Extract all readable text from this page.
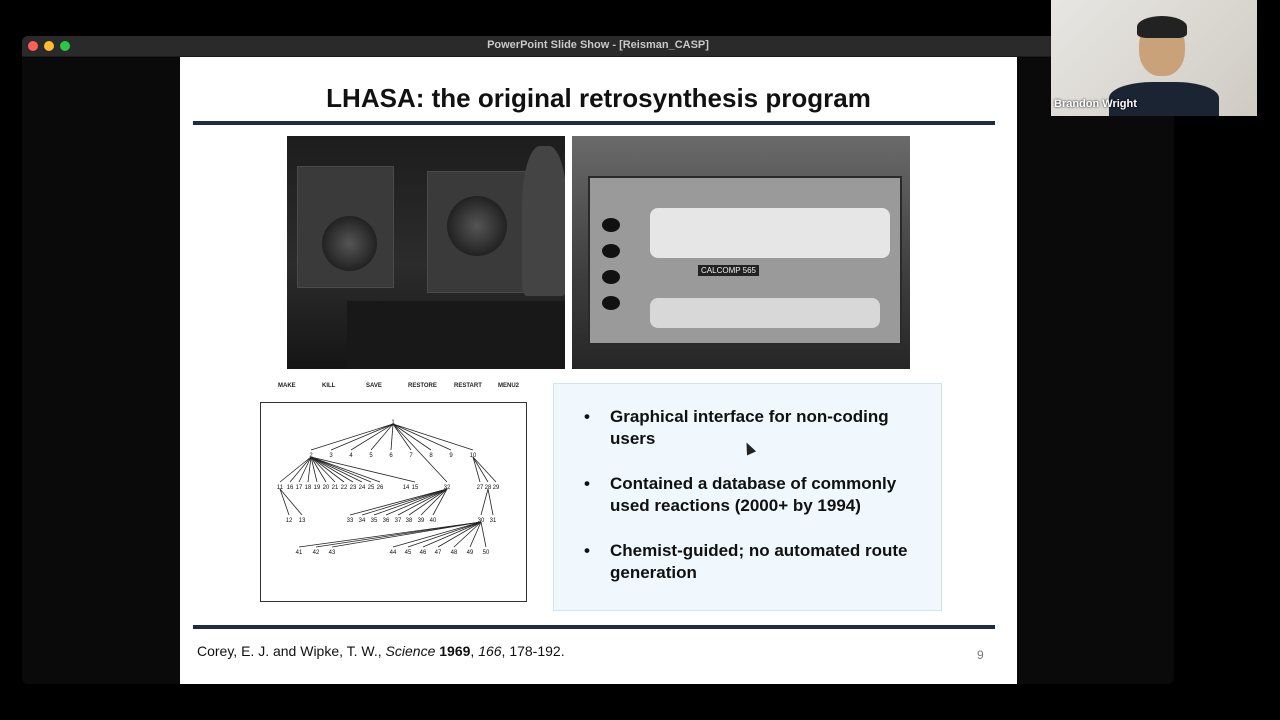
PowerPoint Slide Show - [Reisman_CASP]
LHASA: the original retrosynthesis program
CALCOMP 565
MAKE	KILL	SAVE	RESTORE	RESTART	MENU2
1
2	3	4	5	6	7	8	9	10
11 16 17 18 19 20 21 22 23 24 25 26	14 15	32	27 28 29
12 13	33 34 35 36 37 38 39 40	30 31
41 42 43	44 45 46 47 48 49 50
• Graphical interface for non-coding users
• Contained a database of commonly used reactions (2000+ by 1994)
• Chemist-guided; no automated route generation
Corey, E. J. and Wipke, T. W., Science 1969, 166, 178-192.	9
Brandon Wright
